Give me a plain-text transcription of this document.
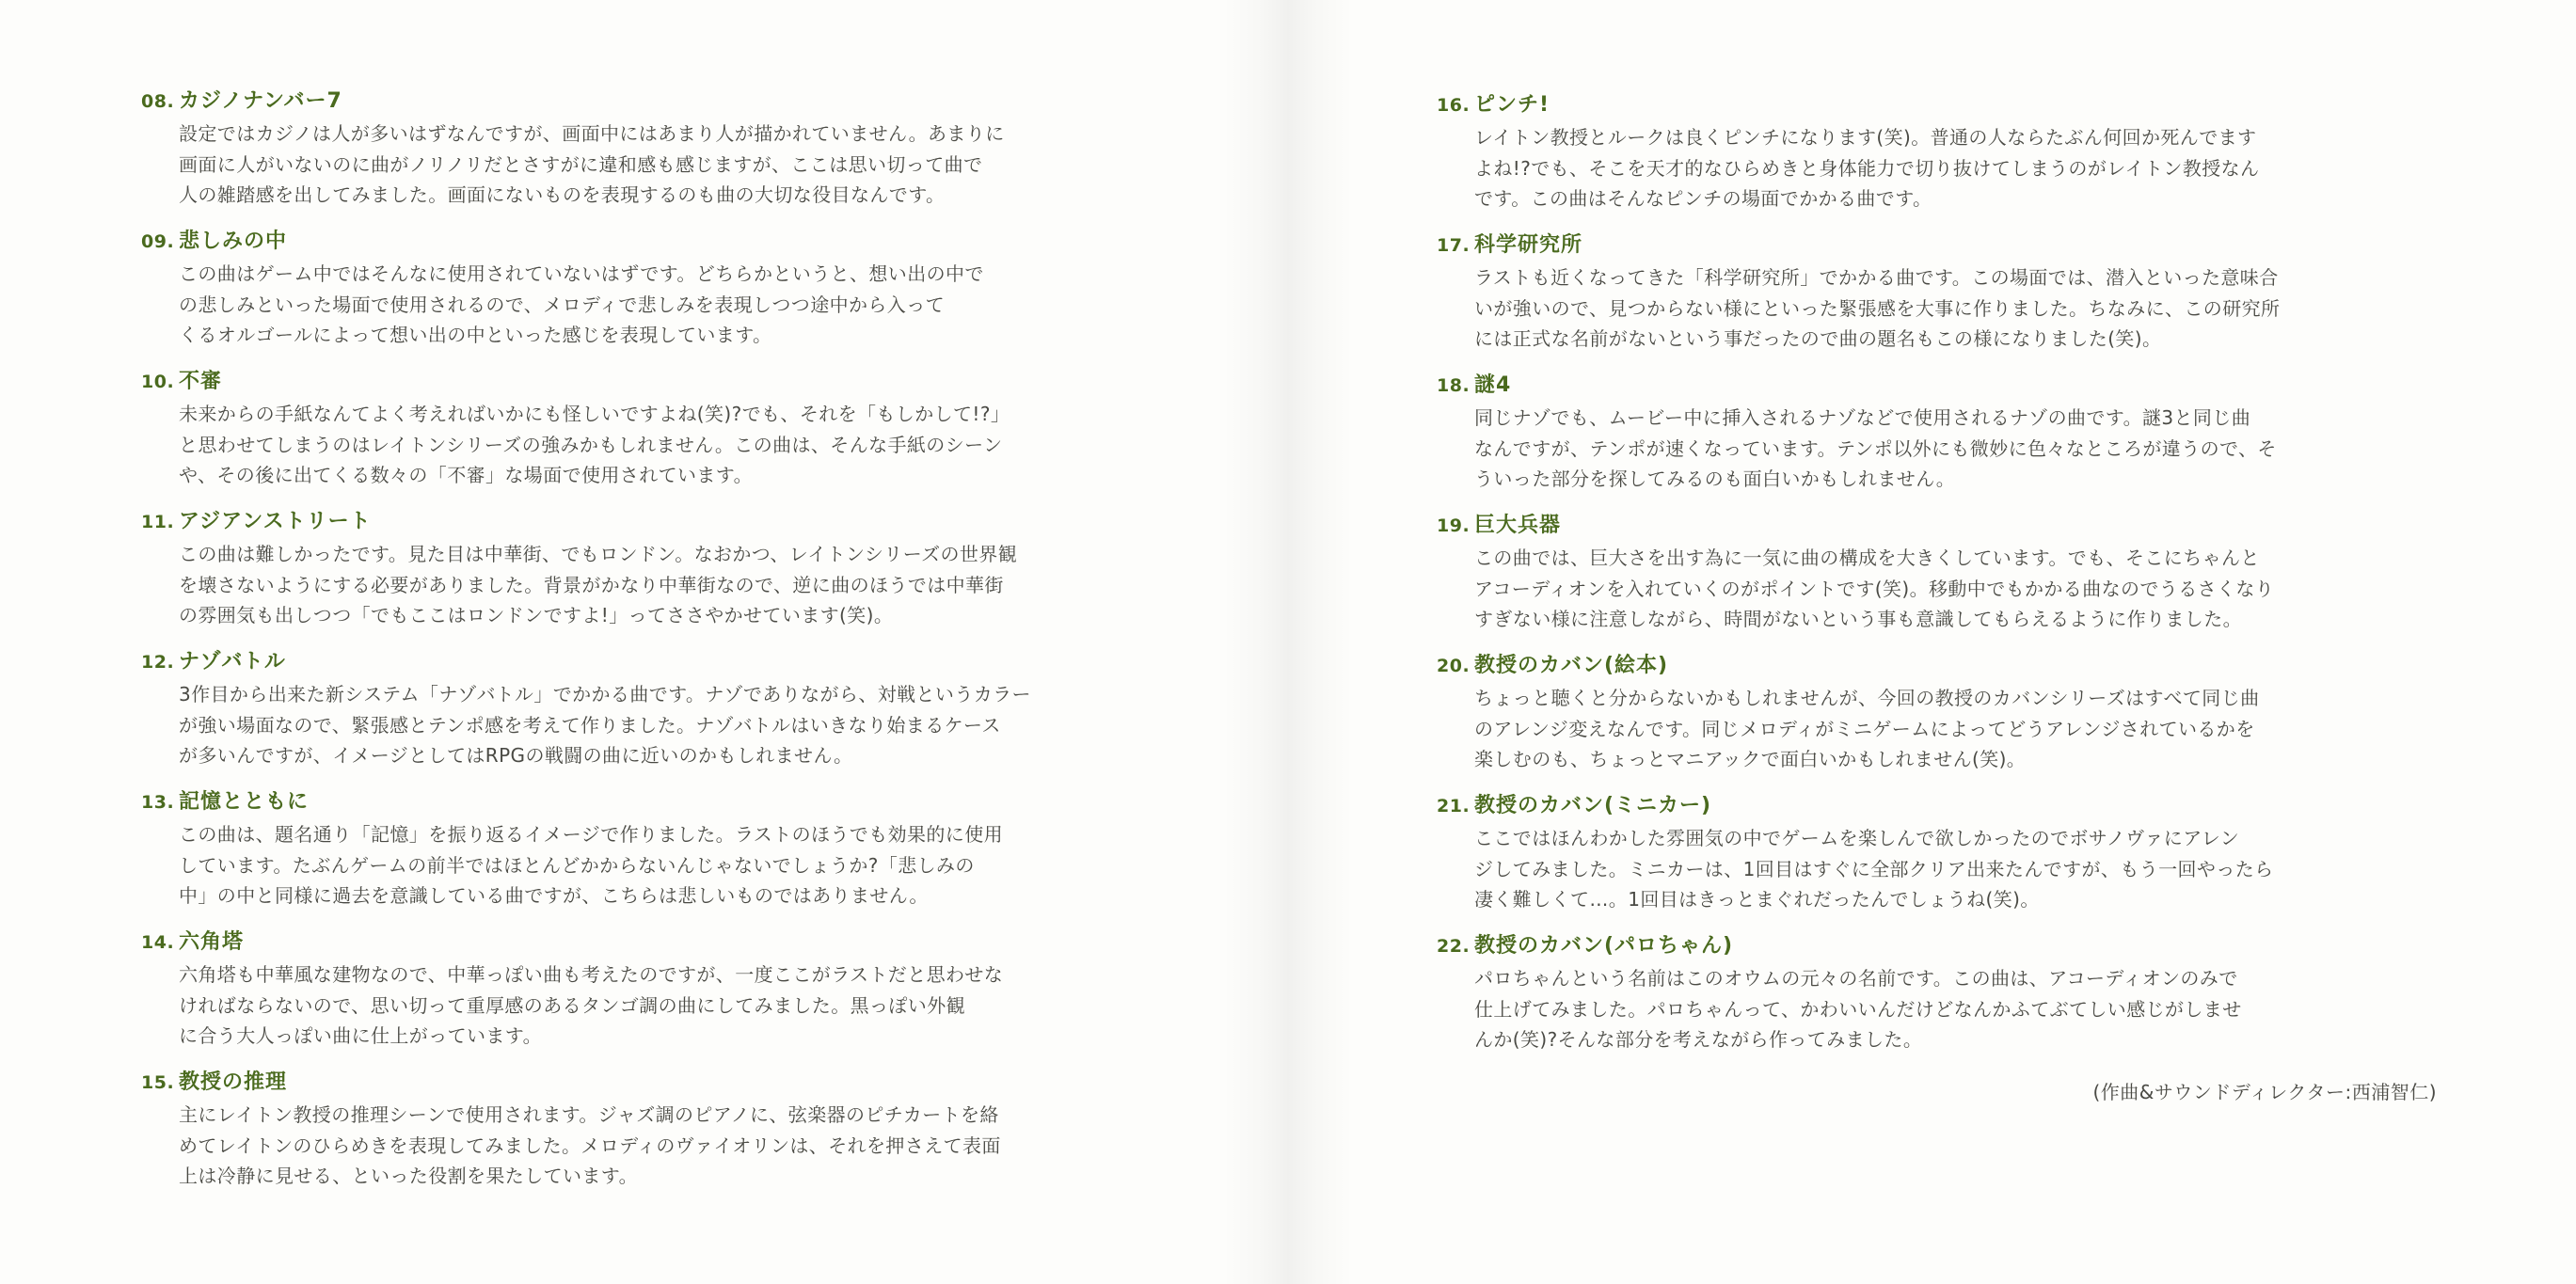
08. カジノナンバー7
設定ではカジノは人が多いはずなんですが、画面中にはあまり人が描かれていません。あまりに
画面に人がいないのに曲がノリノリだとさすがに違和感も感じますが、ここは思い切って曲で
人の雑踏感を出してみました。画面にないものを表現するのも曲の大切な役目なんです。
09. 悲しみの中
この曲はゲーム中ではそんなに使用されていないはずです。どちらかというと、想い出の中で
の悲しみといった場面で使用されるので、メロディで悲しみを表現しつつ途中から入って
くるオルゴールによって想い出の中といった感じを表現しています。
10. 不審
未来からの手紙なんてよく考えればいかにも怪しいですよね(笑)?でも、それを「もしかして!?」
と思わせてしまうのはレイトンシリーズの強みかもしれません。この曲は、そんな手紙のシーン
や、その後に出てくる数々の「不審」な場面で使用されています。
11. アジアンストリート
この曲は難しかったです。見た目は中華街、でもロンドン。なおかつ、レイトンシリーズの世界観
を壊さないようにする必要がありました。背景がかなり中華街なので、逆に曲のほうでは中華街
の雰囲気も出しつつ「でもここはロンドンですよ!」ってささやかせています(笑)。
12. ナゾバトル
3作目から出来た新システム「ナゾバトル」でかかる曲です。ナゾでありながら、対戦というカラー
が強い場面なので、緊張感とテンポ感を考えて作りました。ナゾバトルはいきなり始まるケース
が多いんですが、イメージとしてはRPGの戦闘の曲に近いのかもしれません。
13. 記憶とともに
この曲は、題名通り「記憶」を振り返るイメージで作りました。ラストのほうでも効果的に使用
しています。たぶんゲームの前半ではほとんどかからないんじゃないでしょうか?「悲しみの
中」の中と同様に過去を意識している曲ですが、こちらは悲しいものではありません。
14. 六角塔
六角塔も中華風な建物なので、中華っぽい曲も考えたのですが、一度ここがラストだと思わせな
ければならないので、思い切って重厚感のあるタンゴ調の曲にしてみました。黒っぽい外観
に合う大人っぽい曲に仕上がっています。
15. 教授の推理
主にレイトン教授の推理シーンで使用されます。ジャズ調のピアノに、弦楽器のピチカートを絡
めてレイトンのひらめきを表現してみました。メロディのヴァイオリンは、それを押さえて表面
上は冷静に見せる、といった役割を果たしています。
16. ピンチ!
レイトン教授とルークは良くピンチになります(笑)。普通の人ならたぶん何回か死んでます
よね!?でも、そこを天才的なひらめきと身体能力で切り抜けてしまうのがレイトン教授なん
です。この曲はそんなピンチの場面でかかる曲です。
17. 科学研究所
ラストも近くなってきた「科学研究所」でかかる曲です。この場面では、潜入といった意味合
いが強いので、見つからない様にといった緊張感を大事に作りました。ちなみに、この研究所
には正式な名前がないという事だったので曲の題名もこの様になりました(笑)。
18. 謎4
同じナゾでも、ムービー中に挿入されるナゾなどで使用されるナゾの曲です。謎3と同じ曲
なんですが、テンポが速くなっています。テンポ以外にも微妙に色々なところが違うので、そ
ういった部分を探してみるのも面白いかもしれません。
19. 巨大兵器
この曲では、巨大さを出す為に一気に曲の構成を大きくしています。でも、そこにちゃんと
アコーディオンを入れていくのがポイントです(笑)。移動中でもかかる曲なのでうるさくなり
すぎない様に注意しながら、時間がないという事も意識してもらえるように作りました。
20. 教授のカバン(絵本)
ちょっと聴くと分からないかもしれませんが、今回の教授のカバンシリーズはすべて同じ曲
のアレンジ変えなんです。同じメロディがミニゲームによってどうアレンジされているかを
楽しむのも、ちょっとマニアックで面白いかもしれません(笑)。
21. 教授のカバン(ミニカー)
ここではほんわかした雰囲気の中でゲームを楽しんで欲しかったのでボサノヴァにアレン
ジしてみました。ミニカーは、1回目はすぐに全部クリア出来たんですが、もう一回やったら
凄く難しくて…。1回目はきっとまぐれだったんでしょうね(笑)。
22. 教授のカバン(パロちゃん)
パロちゃんという名前はこのオウムの元々の名前です。この曲は、アコーディオンのみで
仕上げてみました。パロちゃんって、かわいいんだけどなんかふてぶてしい感じがしませ
んか(笑)?そんな部分を考えながら作ってみました。
(作曲&サウンドディレクター:西浦智仁)
